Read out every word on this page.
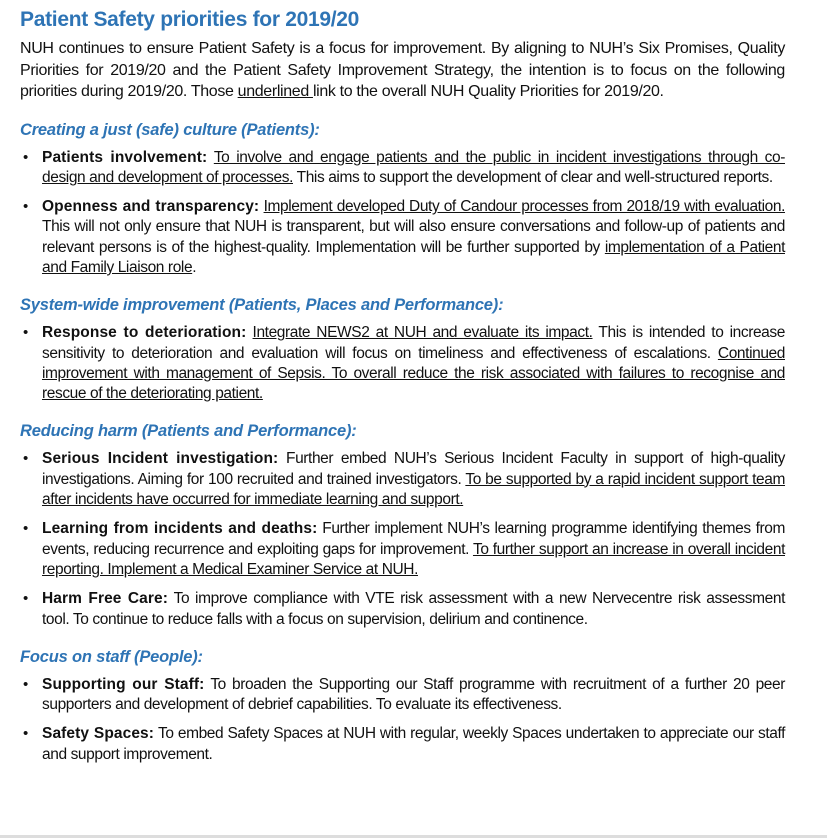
Patient Safety priorities for 2019/20

NUH continues to ensure Patient Safety is a focus for improvement. By aligning to NUH’s Six Promises, Quality Priorities for 2019/20 and the Patient Safety Improvement Strategy, the intention is to focus on the following priorities during 2019/20. Those underlined link to the overall NUH Quality Priorities for 2019/20.

Creating a just (safe) culture (Patients):
• Patients involvement: To involve and engage patients and the public in incident investigations through co-design and development of processes. This aims to support the development of clear and well-structured reports.
• Openness and transparency: Implement developed Duty of Candour processes from 2018/19 with evaluation. This will not only ensure that NUH is transparent, but will also ensure conversations and follow-up of patients and relevant persons is of the highest-quality. Implementation will be further supported by implementation of a Patient and Family Liaison role.
System-wide improvement (Patients, Places and Performance):
• Response to deterioration: Integrate NEWS2 at NUH and evaluate its impact. This is intended to increase sensitivity to deterioration and evaluation will focus on timeliness and effectiveness of escalations. Continued improvement with management of Sepsis. To overall reduce the risk associated with failures to recognise and rescue of the deteriorating patient.
Reducing harm (Patients and Performance):
• Serious Incident investigation: Further embed NUH’s Serious Incident Faculty in support of high-quality investigations. Aiming for 100 recruited and trained investigators. To be supported by a rapid incident support team after incidents have occurred for immediate learning and support.
• Learning from incidents and deaths: Further implement NUH’s learning programme identifying themes from events, reducing recurrence and exploiting gaps for improvement. To further support an increase in overall incident reporting. Implement a Medical Examiner Service at NUH.
• Harm Free Care: To improve compliance with VTE risk assessment with a new Nervecentre risk assessment tool. To continue to reduce falls with a focus on supervision, delirium and continence.
Focus on staff (People):
• Supporting our Staff: To broaden the Supporting our Staff programme with recruitment of a further 20 peer supporters and development of debrief capabilities. To evaluate its effectiveness.
• Safety Spaces: To embed Safety Spaces at NUH with regular, weekly Spaces undertaken to appreciate our staff and support improvement.
